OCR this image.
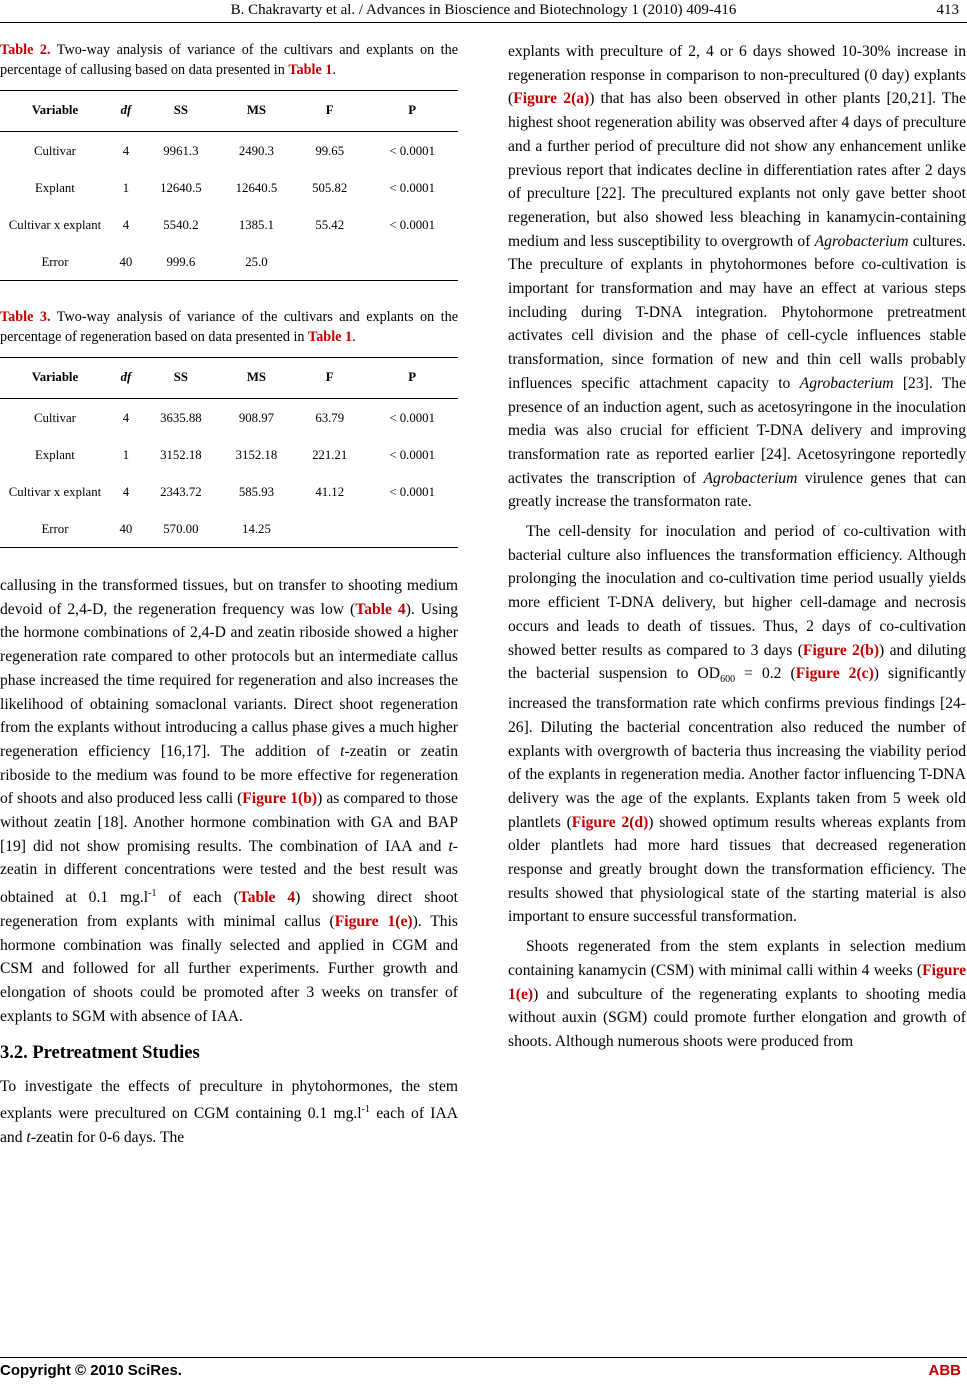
B. Chakravarty et al. / Advances in Bioscience and Biotechnology 1 (2010) 409-416	413

Table 2. Two-way analysis of variance of the cultivars and explants on the percentage of callusing based on data presented in Table 1.

Variable	df	SS	MS	F	P
Cultivar	4	9961.3	2490.3	99.65	< 0.0001
Explant	1	12640.5	12640.5	505.82	< 0.0001
Cultivar x explant	4	5540.2	1385.1	55.42	< 0.0001
Error	40	999.6	25.0		

Table 3. Two-way analysis of variance of the cultivars and explants on the percentage of regeneration based on data presented in Table 1.

Variable	df	SS	MS	F	P
Cultivar	4	3635.88	908.97	63.79	< 0.0001
Explant	1	3152.18	3152.18	221.21	< 0.0001
Cultivar x explant	4	2343.72	585.93	41.12	< 0.0001
Error	40	570.00	14.25		

callusing in the transformed tissues, but on transfer to shooting medium devoid of 2,4-D, the regeneration frequency was low (Table 4). Using the hormone combinations of 2,4-D and zeatin riboside showed a higher regeneration rate compared to other protocols but an intermediate callus phase increased the time required for regeneration and also increases the likelihood of obtaining somaclonal variants. Direct shoot regeneration from the explants without introducing a callus phase gives a much higher regeneration efficiency [16,17]. The addition of t-zeatin or zeatin riboside to the medium was found to be more effective for regeneration of shoots and also produced less calli (Figure 1(b)) as compared to those without zeatin [18]. Another hormone combination with GA and BAP [19] did not show promising results. The combination of IAA and t-zeatin in different concentrations were tested and the best result was obtained at 0.1 $mg.l^{-1}$ of each (Table 4) showing direct shoot regeneration from explants with minimal callus (Figure 1(e)). This hormone combination was finally selected and applied in CGM and CSM and followed for all further experiments. Further growth and elongation of shoots could be promoted after 3 weeks on transfer of explants to SGM with absence of IAA.

3.2. Pretreatment Studies

To investigate the effects of preculture in phytohormones, the stem explants were precultured on CGM containing 0.1 $mg.l^{-1}$ each of IAA and t-zeatin for 0-6 days. The

explants with preculture of 2, 4 or 6 days showed 10-30% increase in regeneration response in comparison to non-precultured (0 day) explants (Figure 2(a)) that has also been observed in other plants [20,21]. The highest shoot regeneration ability was observed after 4 days of preculture and a further period of preculture did not show any enhancement unlike previous report that indicates decline in differentiation rates after 2 days of preculture [22]. The precultured explants not only gave better shoot regeneration, but also showed less bleaching in kanamycin-containing medium and less susceptibility to overgrowth of Agrobacterium cultures. The preculture of explants in phytohormones before co-cultivation is important for transformation and may have an effect at various steps including during T-DNA integration. Phytohormone pretreatment activates cell division and the phase of cell-cycle influences stable transformation, since formation of new and thin cell walls probably influences specific attachment capacity to Agrobacterium [23]. The presence of an induction agent, such as acetosyringone in the inoculation media was also crucial for efficient T-DNA delivery and improving transformation rate as reported earlier [24]. Acetosyringone reportedly activates the transcription of Agrobacterium virulence genes that can greatly increase the transformaton rate.

The cell-density for inoculation and period of co-cultivation with bacterial culture also influences the transformation efficiency. Although prolonging the inoculation and co-cultivation time period usually yields more efficient T-DNA delivery, but higher cell-damage and necrosis occurs and leads to death of tissues. Thus, 2 days of co-cultivation showed better results as compared to 3 days (Figure 2(b)) and diluting the bacterial suspension to $OD_{600} = 0.2$ (Figure 2(c)) significantly increased the transformation rate which confirms previous findings [24-26]. Diluting the bacterial concentration also reduced the number of explants with overgrowth of bacteria thus increasing the viability period of the explants in regeneration media. Another factor influencing T-DNA delivery was the age of the explants. Explants taken from 5 week old plantlets (Figure 2(d)) showed optimum results whereas explants from older plantlets had more hard tissues that decreased regeneration response and greatly brought down the transformation efficiency. The results showed that physiological state of the starting material is also important to ensure successful transformation.

Shoots regenerated from the stem explants in selection medium containing kanamycin (CSM) with minimal calli within 4 weeks (Figure 1(e)) and subculture of the regenerating explants to shooting media without auxin (SGM) could promote further elongation and growth of shoots. Although numerous shoots were produced from

Copyright © 2010 SciRes.	ABB
